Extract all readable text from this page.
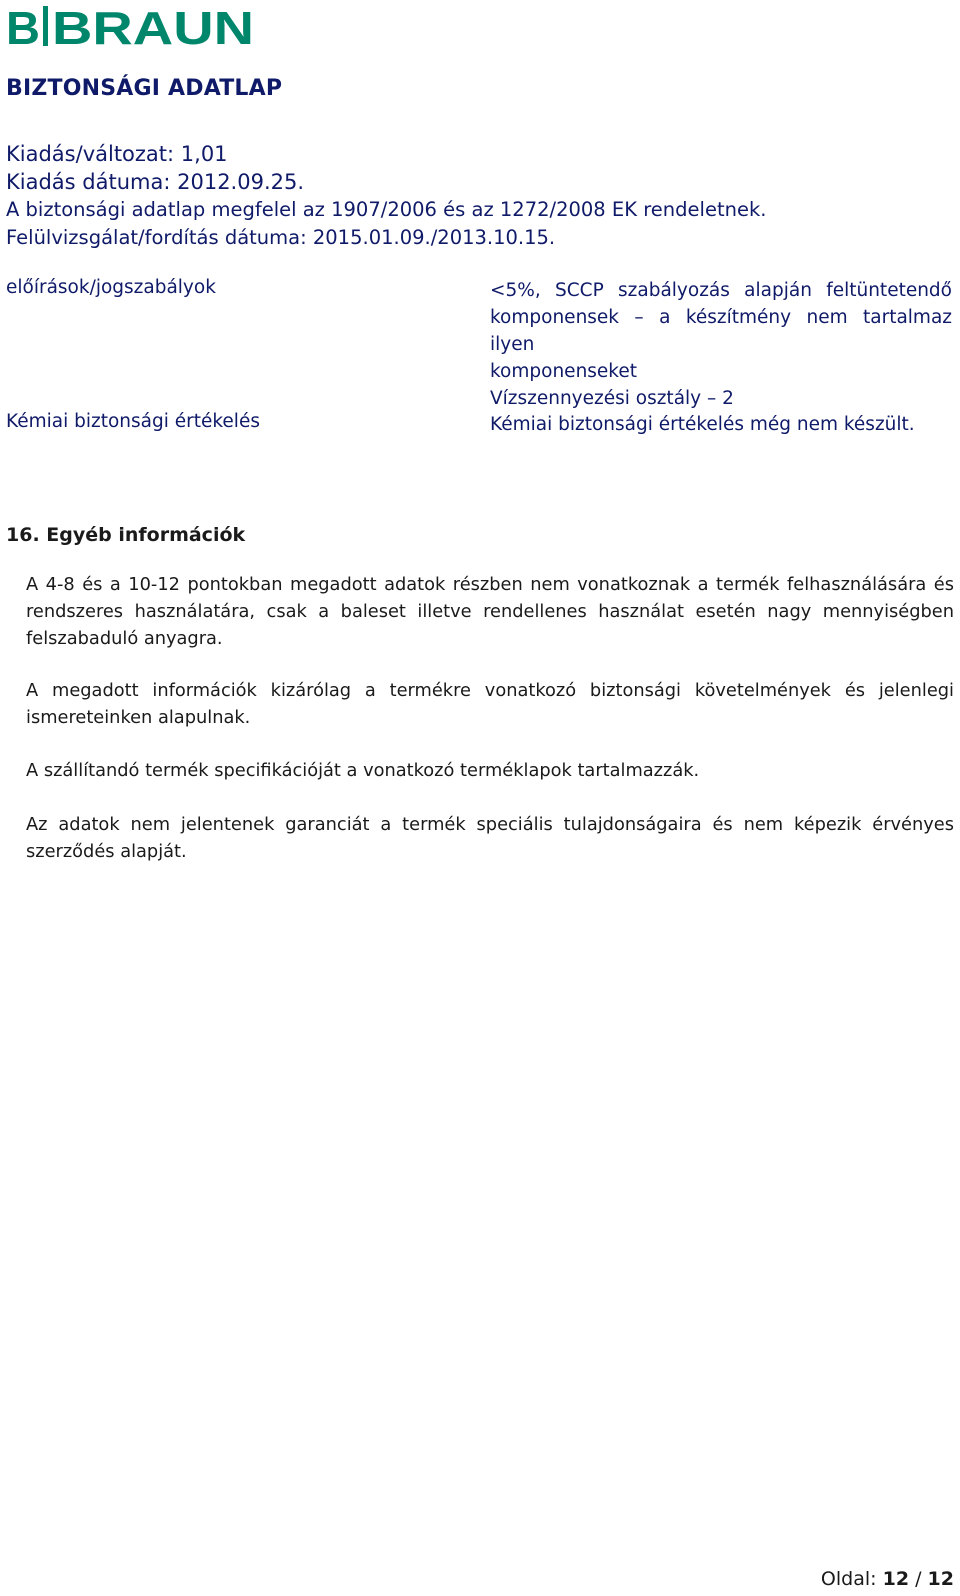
B BRAUN
BIZTONSÁGI ADATLAP
Kiadás/változat: 1,01
Kiadás dátuma: 2012.09.25.
A biztonsági adatlap megfelel az 1907/2006 és az 1272/2008 EK rendeletnek.
Felülvizsgálat/fordítás dátuma: 2015.01.09./2013.10.15.
előírások/jogszabályok	<5%, SCCP szabályozás alapján feltüntetendő
komponensek – a készítmény nem tartalmaz ilyen
komponenseket
Vízszennyezési osztály – 2
Kémiai biztonsági értékelés	Kémiai biztonsági értékelés még nem készült.
16. Egyéb információk
A 4-8 és a 10-12 pontokban megadott adatok részben nem vonatkoznak a termék felhasználására és rendszeres használatára, csak a baleset illetve rendellenes használat esetén nagy mennyiségben felszabaduló anyagra.
A megadott információk kizárólag a termékre vonatkozó biztonsági követelmények és jelenlegi ismereteinken alapulnak.
A szállítandó termék specifikációját a vonatkozó terméklapok tartalmazzák.
Az adatok nem jelentenek garanciát a termék speciális tulajdonságaira és nem képezik érvényes szerződés alapját.
Oldal: 12 / 12
